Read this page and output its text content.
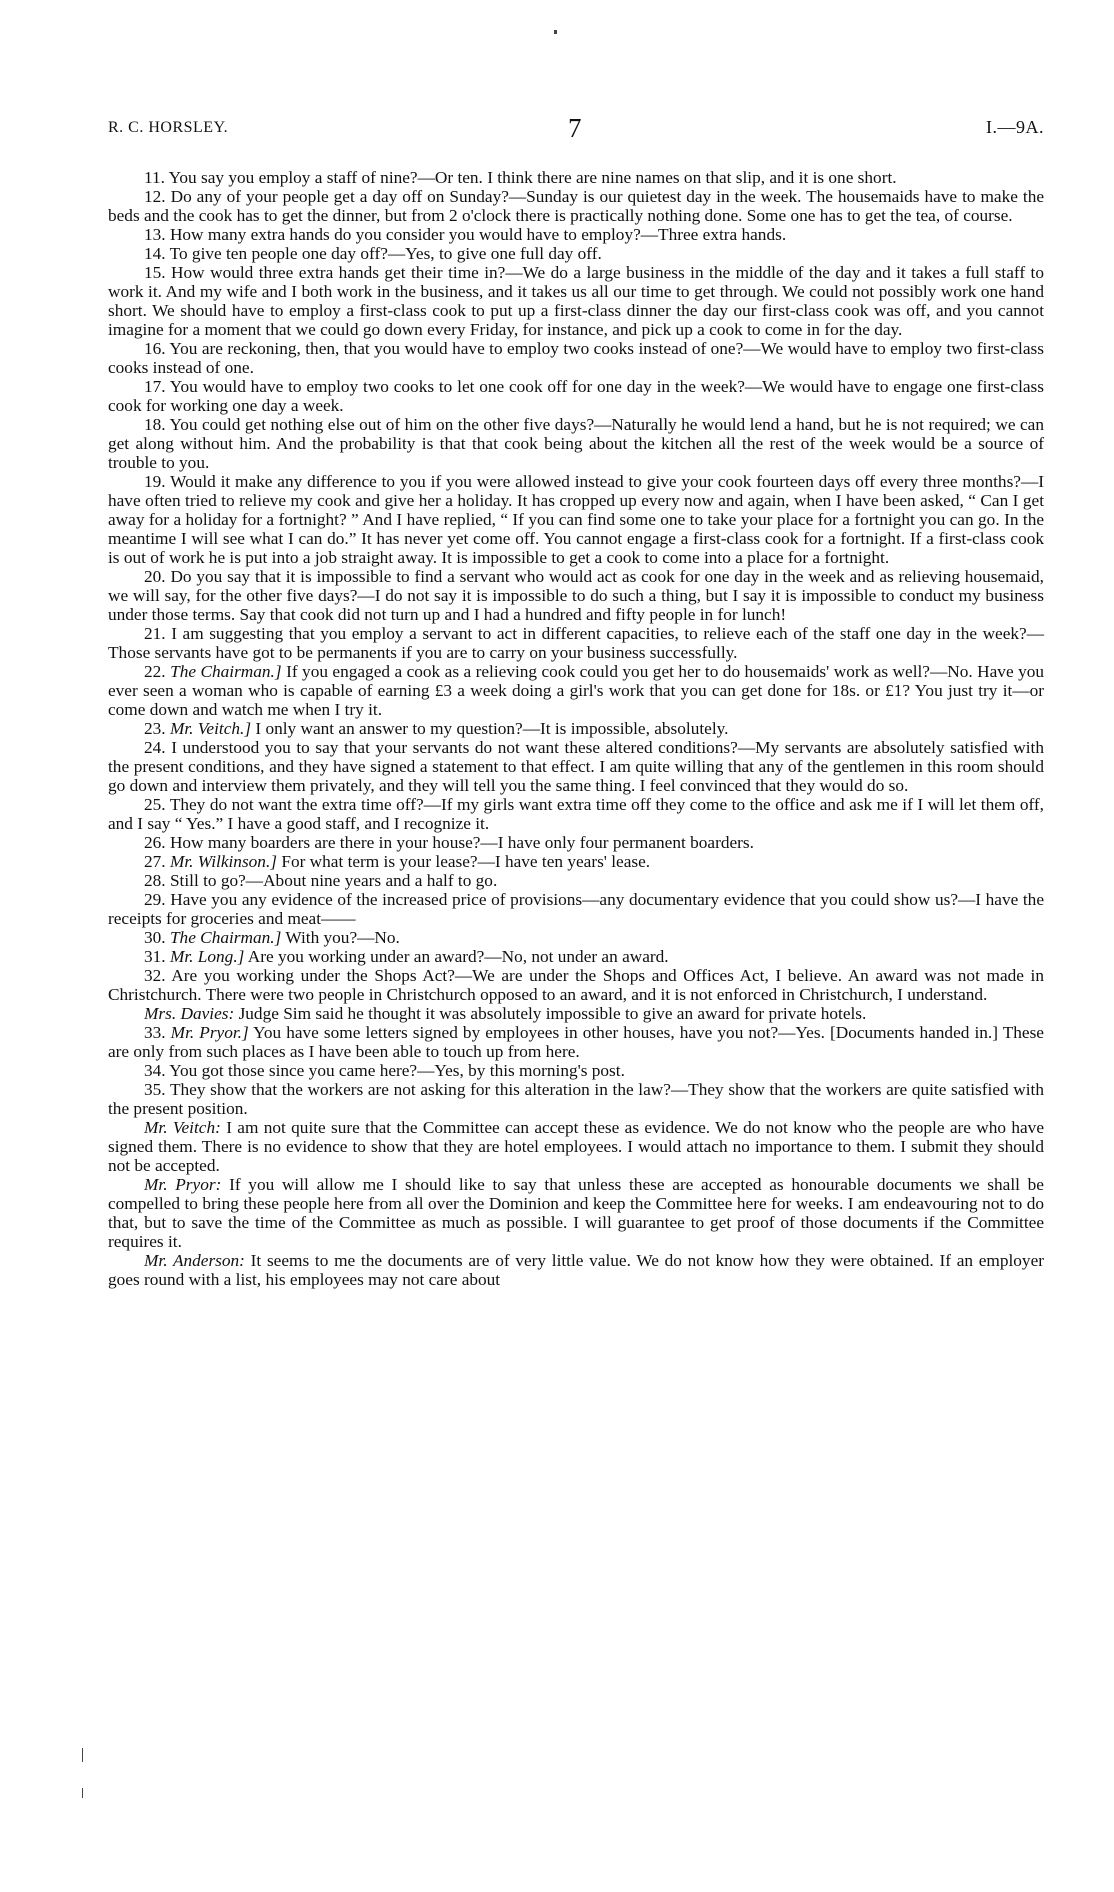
R. C. HORSLEY.	7	I.—9A.

11. You say you employ a staff of nine?—Or ten. I think there are nine names on that slip, and it is one short.

12. Do any of your people get a day off on Sunday?—Sunday is our quietest day in the week. The housemaids have to make the beds and the cook has to get the dinner, but from 2 o'clock there is practically nothing done. Some one has to get the tea, of course.

13. How many extra hands do you consider you would have to employ?—Three extra hands.

14. To give ten people one day off?—Yes, to give one full day off.

15. How would three extra hands get their time in?—We do a large business in the middle of the day and it takes a full staff to work it. And my wife and I both work in the business, and it takes us all our time to get through. We could not possibly work one hand short. We should have to employ a first-class cook to put up a first-class dinner the day our first-class cook was off, and you cannot imagine for a moment that we could go down every Friday, for instance, and pick up a cook to come in for the day.

16. You are reckoning, then, that you would have to employ two cooks instead of one?—We would have to employ two first-class cooks instead of one.

17. You would have to employ two cooks to let one cook off for one day in the week?—We would have to engage one first-class cook for working one day a week.

18. You could get nothing else out of him on the other five days?—Naturally he would lend a hand, but he is not required; we can get along without him. And the probability is that that cook being about the kitchen all the rest of the week would be a source of trouble to you.

19. Would it make any difference to you if you were allowed instead to give your cook fourteen days off every three months?—I have often tried to relieve my cook and give her a holiday. It has cropped up every now and again, when I have been asked, “ Can I get away for a holiday for a fortnight? ” And I have replied, “ If you can find some one to take your place for a fortnight you can go. In the meantime I will see what I can do.” It has never yet come off. You cannot engage a first-class cook for a fortnight. If a first-class cook is out of work he is put into a job straight away. It is impossible to get a cook to come into a place for a fortnight.

20. Do you say that it is impossible to find a servant who would act as cook for one day in the week and as relieving housemaid, we will say, for the other five days?—I do not say it is impossible to do such a thing, but I say it is impossible to conduct my business under those terms. Say that cook did not turn up and I had a hundred and fifty people in for lunch!

21. I am suggesting that you employ a servant to act in different capacities, to relieve each of the staff one day in the week?—Those servants have got to be permanents if you are to carry on your business successfully.

22. The Chairman.] If you engaged a cook as a relieving cook could you get her to do housemaids' work as well?—No. Have you ever seen a woman who is capable of earning £3 a week doing a girl's work that you can get done for 18s. or £1? You just try it—or come down and watch me when I try it.

23. Mr. Veitch.] I only want an answer to my question?—It is impossible, absolutely.

24. I understood you to say that your servants do not want these altered conditions?—My servants are absolutely satisfied with the present conditions, and they have signed a statement to that effect. I am quite willing that any of the gentlemen in this room should go down and interview them privately, and they will tell you the same thing. I feel convinced that they would do so.

25. They do not want the extra time off?—If my girls want extra time off they come to the office and ask me if I will let them off, and I say “ Yes.” I have a good staff, and I recognize it.

26. How many boarders are there in your house?—I have only four permanent boarders.

27. Mr. Wilkinson.] For what term is your lease?—I have ten years' lease.

28. Still to go?—About nine years and a half to go.

29. Have you any evidence of the increased price of provisions—any documentary evidence that you could show us?—I have the receipts for groceries and meat——

30. The Chairman.] With you?—No.

31. Mr. Long.] Are you working under an award?—No, not under an award.

32. Are you working under the Shops Act?—We are under the Shops and Offices Act, I believe. An award was not made in Christchurch. There were two people in Christchurch opposed to an award, and it is not enforced in Christchurch, I understand.

Mrs. Davies: Judge Sim said he thought it was absolutely impossible to give an award for private hotels.

33. Mr. Pryor.] You have some letters signed by employees in other houses, have you not?—Yes. [Documents handed in.] These are only from such places as I have been able to touch up from here.

34. You got those since you came here?—Yes, by this morning's post.

35. They show that the workers are not asking for this alteration in the law?—They show that the workers are quite satisfied with the present position.

Mr. Veitch: I am not quite sure that the Committee can accept these as evidence. We do not know who the people are who have signed them. There is no evidence to show that they are hotel employees. I would attach no importance to them. I submit they should not be accepted.

Mr. Pryor: If you will allow me I should like to say that unless these are accepted as honourable documents we shall be compelled to bring these people here from all over the Dominion and keep the Committee here for weeks. I am endeavouring not to do that, but to save the time of the Committee as much as possible. I will guarantee to get proof of those documents if the Committee requires it.

Mr. Anderson: It seems to me the documents are of very little value. We do not know how they were obtained. If an employer goes round with a list, his employees may not care about
